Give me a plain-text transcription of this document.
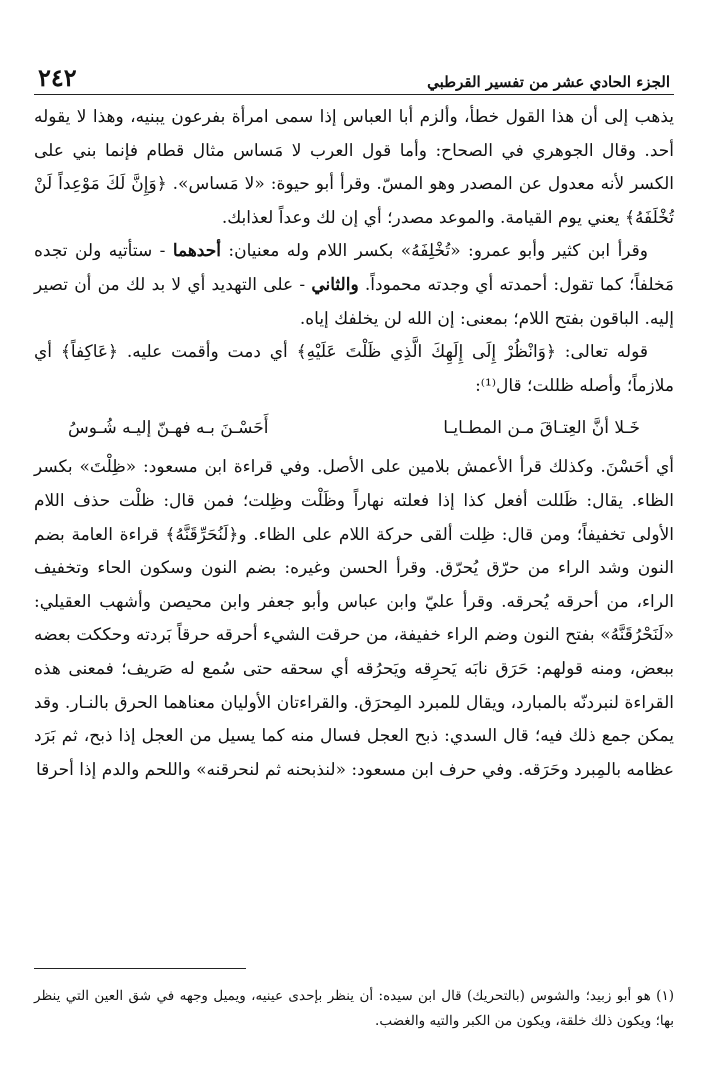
الجزء الحادي عشر من تفسير القرطبي
٢٤٢

يذهب إلى أن هذا القول خطأ، وألزم أبا العباس إذا سمى امرأة بفرعون يبنيه، وهذا لا يقوله أحد. وقال الجوهري في الصحاح: وأما قول العرب لا مَساس مثال قطام فإنما بني على الكسر لأنه معدول عن المصدر وهو المسّ. وقرأ أبو حيوة: «لا مَساس». ﴿وَإِنَّ لَكَ مَوْعِداً لَنْ تُخْلَفَهُ﴾ يعني يوم القيامة. والموعد مصدر؛ أي إن لك وعداً لعذابك.

وقرأ ابن كثير وأبو عمرو: «تُخْلِفَهُ» بكسر اللام وله معنيان: أحدهما - ستأتيه ولن تجده مَخلفاً؛ كما تقول: أحمدته أي وجدته محموداً. والثاني - على التهديد أي لا بد لك من أن تصير إليه. الباقون بفتح اللام؛ بمعنى: إن الله لن يخلفك إياه.

قوله تعالى: ﴿وَانْظُرْ إِلَى إِلَهِكَ الَّذِي ظَلْتَ عَلَيْهِ﴾ أي دمت وأقمت عليه. ﴿عَاكِفاً﴾ أي ملازماً؛ وأصله ظللت؛ قال⁽¹⁾:

خَـلا أنَّ العِتـاقَ مـن المطـايـا
أَحَسْـنَ بـه فهـنّ إليـه شُـوسُ

أي أحَسْنَ. وكذلك قرأ الأعمش بلامين على الأصل. وفي قراءة ابن مسعود: «ظِلْتَ» بكسر الظاء. يقال: ظَللت أفعل كذا إذا فعلته نهاراً وظَلْت وظِلت؛ فمن قال: ظلْت حذف اللام الأولى تخفيفاً؛ ومن قال: ظِلت ألقى حركة اللام على الظاء. و﴿لَنُحَرِّقَنَّهُ﴾ قراءة العامة بضم النون وشد الراء من حرّق يُحرّق. وقرأ الحسن وغيره: بضم النون وسكون الحاء وتخفيف الراء، من أحرقه يُحرقه. وقرأ عليّ وابن عباس وأبو جعفر وابن محيصن وأشهب العقيلي: «لَنَحْرُقَنَّهُ» بفتح النون وضم الراء خفيفة، من حرقت الشيء أحرقه حرقاً بَردته وحككت بعضه ببعض، ومنه قولهم: حَرَق نابَه يَحرِقه ويَحرُقه أي سحقه حتى سُمع له صَريف؛ فمعنى هذه القراءة لنبردنّه بالمبارد، ويقال للمبرد المِحرَق. والقراءتان الأوليان معناهما الحرق بالنـار. وقد يمكن جمع ذلك فيه؛ قال السدي: ذبح العجل فسال منه كما يسيل من العجل إذا ذبح، ثم بَرَد عظامه بالمِبرد وحَرَقه. وفي حرف ابن مسعود: «لنذبحنه ثم لنحرقنه» واللحم والدم إذا أحرقا

(١) هو أبو زبيد؛ والشوس (بالتحريك) قال ابن سيده: أن ينظر بإحدى عينيه، ويميل وجهه في شق العين التي ينظر بها؛ ويكون ذلك خلقة، ويكون من الكبر والتيه والغضب.
